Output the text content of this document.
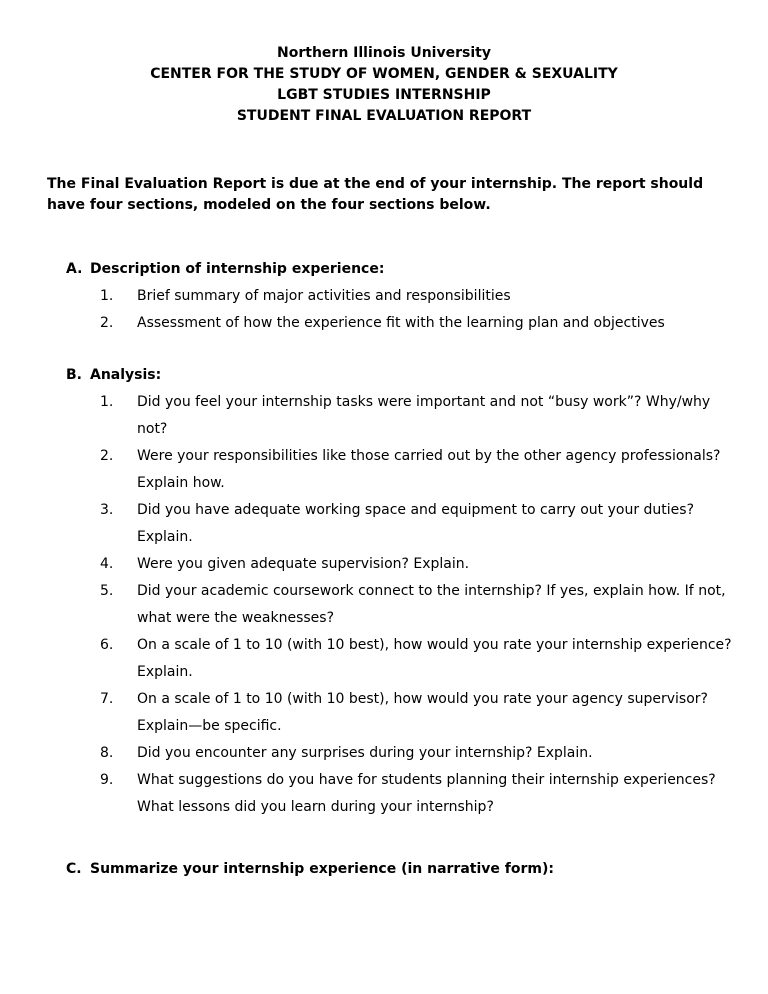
Northern Illinois University
CENTER FOR THE STUDY OF WOMEN, GENDER & SEXUALITY
LGBT STUDIES INTERNSHIP
STUDENT FINAL EVALUATION REPORT
The Final Evaluation Report is due at the end of your internship. The report should have four sections, modeled on the four sections below.
A. Description of internship experience:
1. Brief summary of major activities and responsibilities
2. Assessment of how the experience fit with the learning plan and objectives
B. Analysis:
1. Did you feel your internship tasks were important and not “busy work”? Why/why not?
2. Were your responsibilities like those carried out by the other agency professionals? Explain how.
3. Did you have adequate working space and equipment to carry out your duties? Explain.
4. Were you given adequate supervision? Explain.
5. Did your academic coursework connect to the internship? If yes, explain how. If not, what were the weaknesses?
6. On a scale of 1 to 10 (with 10 best), how would you rate your internship experience? Explain.
7. On a scale of 1 to 10 (with 10 best), how would you rate your agency supervisor? Explain—be specific.
8. Did you encounter any surprises during your internship? Explain.
9. What suggestions do you have for students planning their internship experiences? What lessons did you learn during your internship?
C. Summarize your internship experience (in narrative form):
